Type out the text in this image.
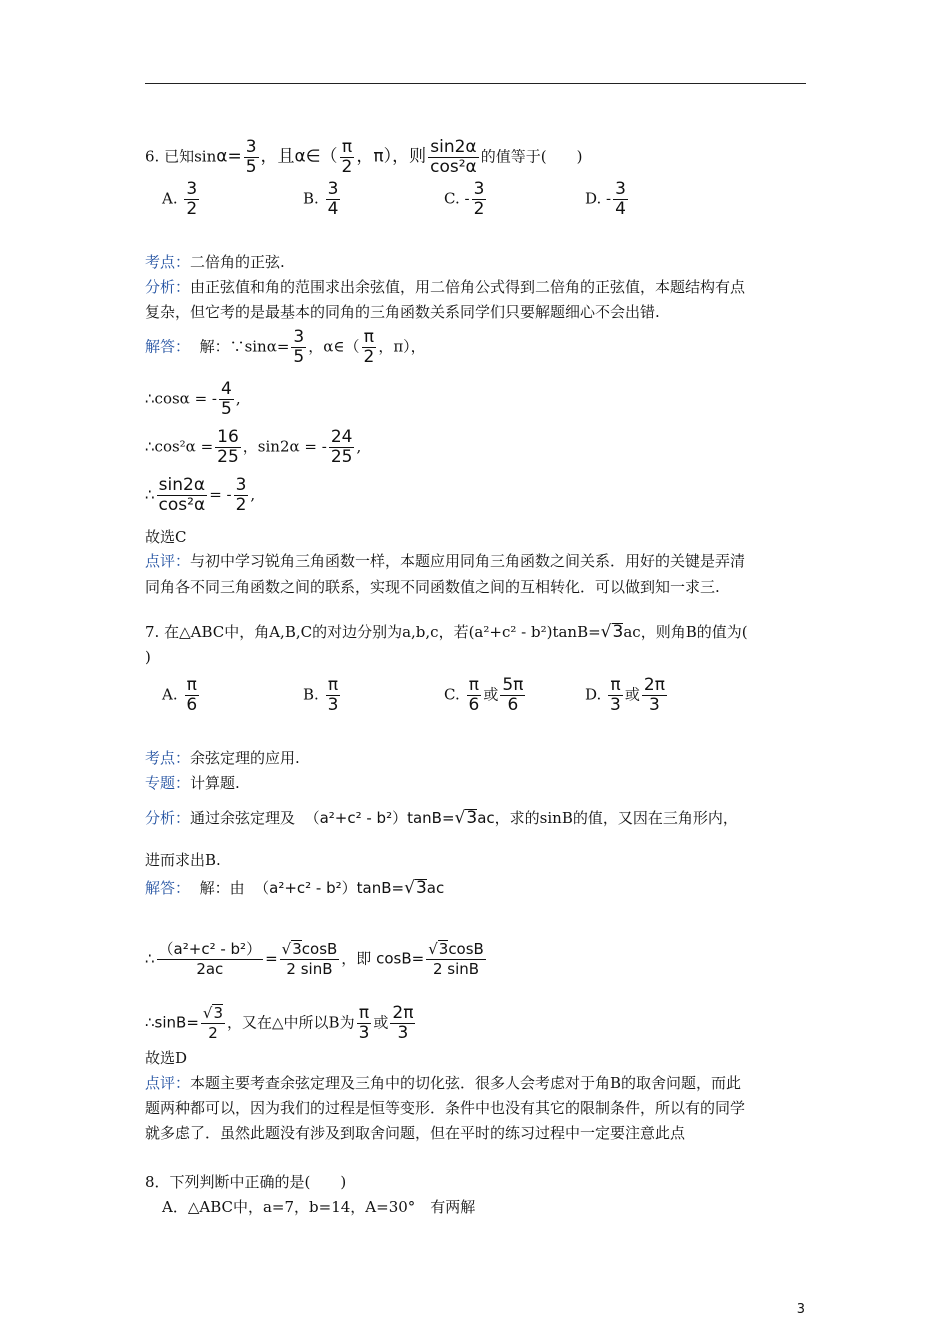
6. 已知$\sin\alpha= \frac{3}{5}$ ，且α∈（ $\frac{\pi}{2}$ ，π），则 $\frac{\sin 2\alpha}{\text{cos²α}}$ 的值等于(　　)
A. $\frac{3}{2}$	B. $\frac{3}{4}$	C. - $\frac{3}{2}$	D. - $\frac{3}{4}$
考点：二倍角的正弦.
分析：由正弦值和角的范围求出余弦值，用二倍角公式得到二倍角的正弦值，本题结构有点
复杂，但它考的是最基本的同角的三角函数关系同学们只要解题细心不会出错.
解答： 解：∵sinα= $\frac{3}{5}$ ，α∈（ $\frac{\pi}{2}$ ，π），
∴cosα = - $\frac{4}{5}$ ,
∴cos²α = $\frac{16}{25}$ ，sin2α = - $\frac{24}{25}$ ,
∴ $\frac{\sin 2\alpha}{\text{cos²α}}$ = - $\frac{3}{2}$ ,
故选C
点评：与初中学习锐角三角函数一样，本题应用同角三角函数之间关系．用好的关键是弄清
同角各不同三角函数之间的联系，实现不同函数值之间的互相转化．可以做到知一求三.
7. 在△ABC中，角A,B,C的对边分别为a,b,c，若(a²+c² - b²)tanB=√3ac，则角B的值为(
)
A. $\frac{\pi}{6}$	B. $\frac{\pi}{3}$	C. $\frac{\pi}{6}$ 或 $\frac{5\pi}{6}$	D. $\frac{\pi}{3}$ 或 $\frac{2\pi}{3}$
考点：余弦定理的应用.
专题：计算题.
分析：通过余弦定理及 （a²+c² - b²）tanB=√3ac，求的sinB的值，又因在三角形内，
进而求出B.
解答： 解：由 （a²+c² - b²）tanB=√3ac
∴ $\frac{\text{（a²+c² - b²）}}{2ac} = \frac{√3\cos B}{2 \sin B}$ ，即 $\cos B= \frac{√3\cos B}{2 \sin B}$
∴sinB= $\frac{√3}{2}$ ，又在△中所以B为 $\frac{\pi}{3}$ 或 $\frac{2\pi}{3}$
故选D
点评：本题主要考查余弦定理及三角中的切化弦．很多人会考虑对于角B的取舍问题，而此
题两种都可以，因为我们的过程是恒等变形．条件中也没有其它的限制条件，所以有的同学
就多虑了．虽然此题没有涉及到取舍问题，但在平时的练习过程中一定要注意此点
8．下列判断中正确的是(　　)
A．△ABC中，a=7，b=14，A=30°　有两解
3
